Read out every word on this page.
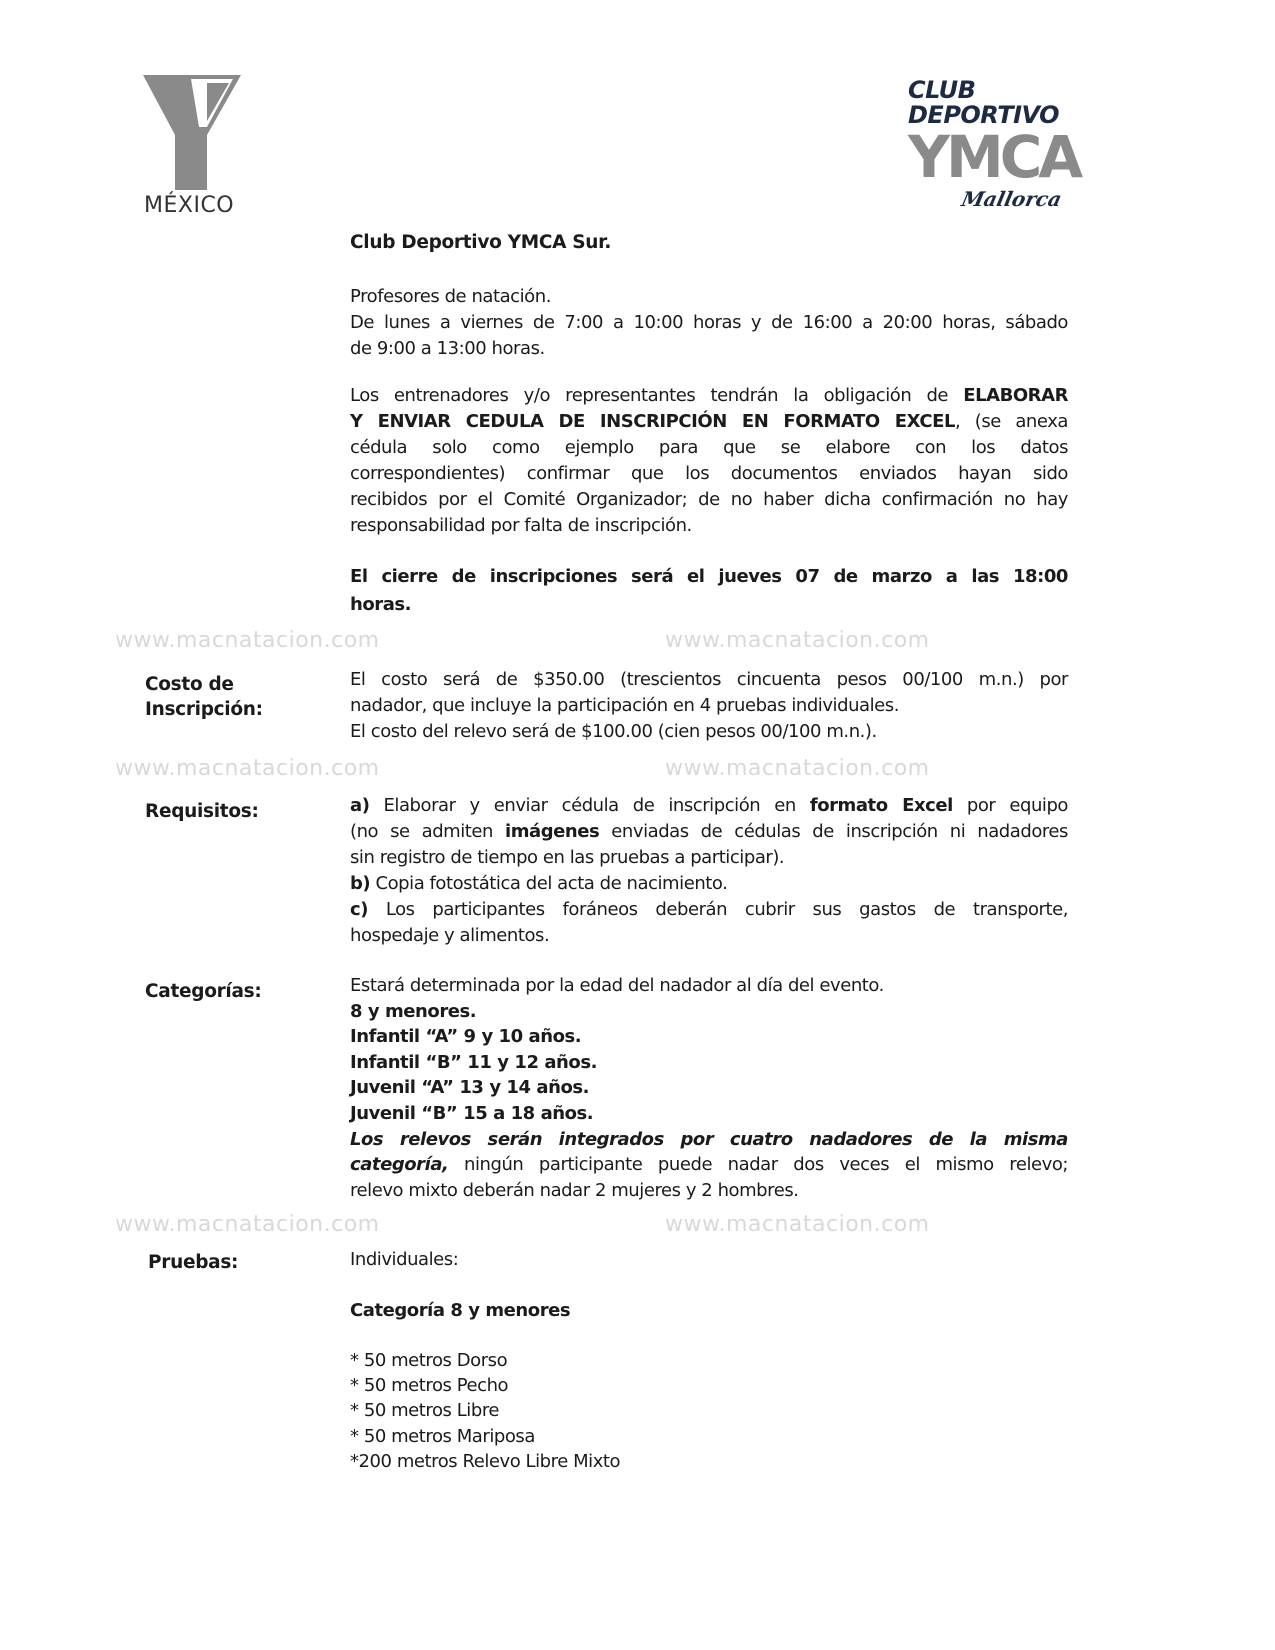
MÉXICO
CLUB
DEPORTIVO
YMCA
Mallorca
www.macnatacion.com	www.macnatacion.com
www.macnatacion.com	www.macnatacion.com
www.macnatacion.com	www.macnatacion.com
Club Deportivo YMCA Sur.
Profesores de natación.
De lunes a viernes de 7:00 a 10:00 horas y de 16:00 a 20:00 horas, sábado
de 9:00 a 13:00 horas.
Los entrenadores y/o representantes tendrán la obligación de ELABORAR
Y ENVIAR CEDULA DE INSCRIPCIÓN EN FORMATO EXCEL, (se anexa
cédula solo como ejemplo para que se elabore con los datos
correspondientes) confirmar que los documentos enviados hayan sido
recibidos por el Comité Organizador; de no haber dicha confirmación no hay
responsabilidad por falta de inscripción.
El cierre de inscripciones será el jueves 07 de marzo a las 18:00
horas.
Costo de
Inscripción:
El costo será de $350.00 (trescientos cincuenta pesos 00/100 m.n.) por
nadador, que incluye la participación en 4 pruebas individuales.
El costo del relevo será de $100.00 (cien pesos 00/100 m.n.).
Requisitos:	a) Elaborar y enviar cédula de inscripción en formato Excel por equipo
(no se admiten imágenes enviadas de cédulas de inscripción ni nadadores
sin registro de tiempo en las pruebas a participar).
b) Copia fotostática del acta de nacimiento.
c) Los participantes foráneos deberán cubrir sus gastos de transporte,
hospedaje y alimentos.
Categorías:	Estará determinada por la edad del nadador al día del evento.
8 y menores.
Infantil “A” 9 y 10 años.
Infantil “B” 11 y 12 años.
Juvenil “A” 13 y 14 años.
Juvenil “B” 15 a 18 años.
Los relevos serán integrados por cuatro nadadores de la misma
categoría, ningún participante puede nadar dos veces el mismo relevo;
relevo mixto deberán nadar 2 mujeres y 2 hombres.
Pruebas:	Individuales:
Categoría 8 y menores
* 50 metros Dorso
* 50 metros Pecho
* 50 metros Libre
* 50 metros Mariposa
*200 metros Relevo Libre Mixto
